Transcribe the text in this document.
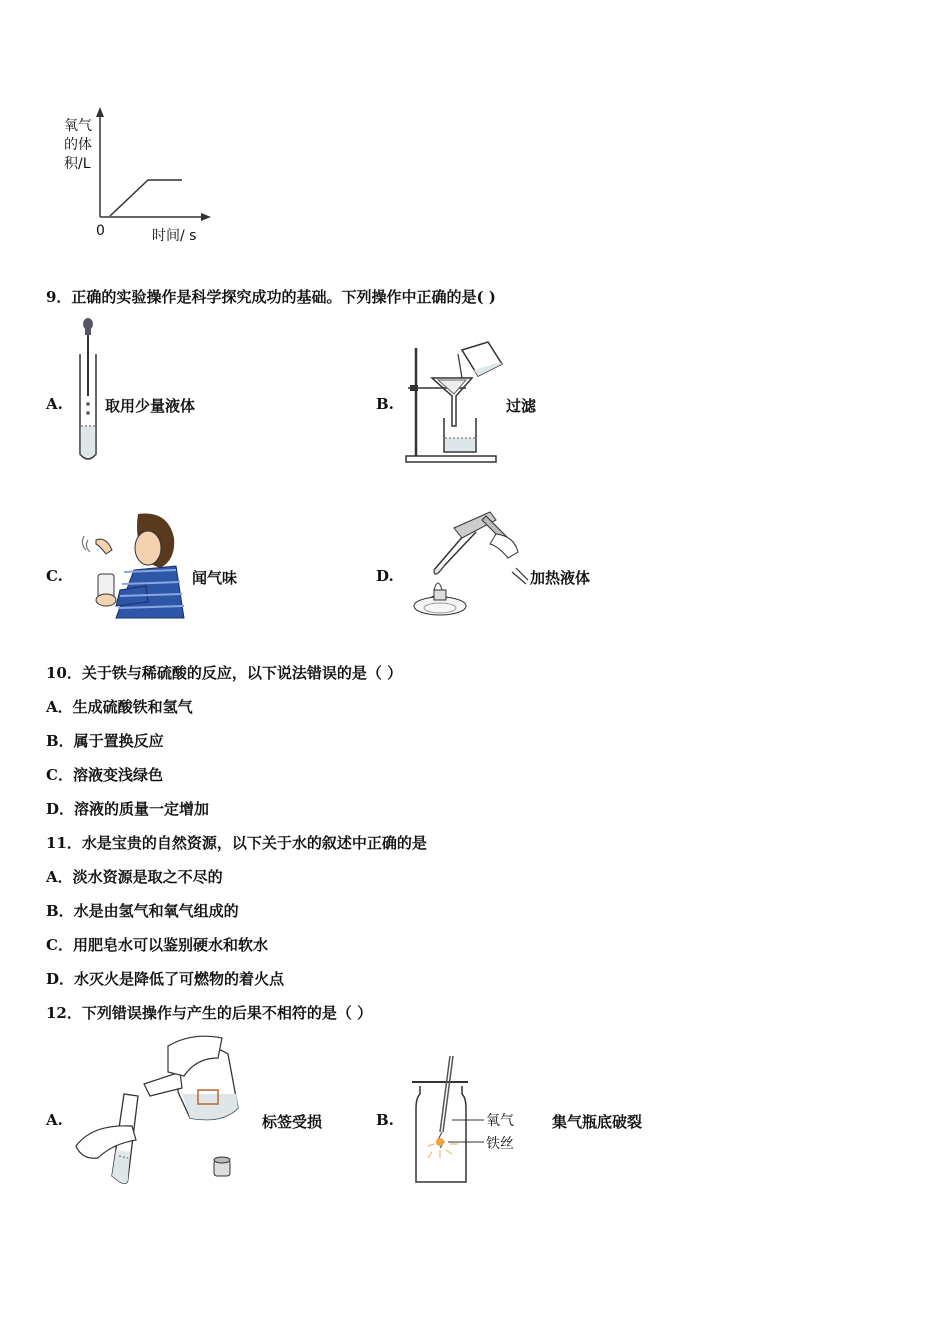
氧气
的体
积/L
0	时间/ s
9．正确的实验操作是科学探究成功的基础。下列操作中正确的是( )
A.	取用少量液体	B.	过滤
C.	闻气味	D.	加热液体
10．关于铁与稀硫酸的反应，以下说法错误的是（ ）
A．生成硫酸铁和氢气
B．属于置换反应
C．溶液变浅绿色
D．溶液的质量一定增加
11．水是宝贵的自然资源，以下关于水的叙述中正确的是
A．淡水资源是取之不尽的
B．水是由氢气和氧气组成的
C．用肥皂水可以鉴别硬水和软水
D．水灭火是降低了可燃物的着火点
12．下列错误操作与产生的后果不相符的是（ ）
A.	标签受损	B.	氧气
铁丝
集气瓶底破裂
